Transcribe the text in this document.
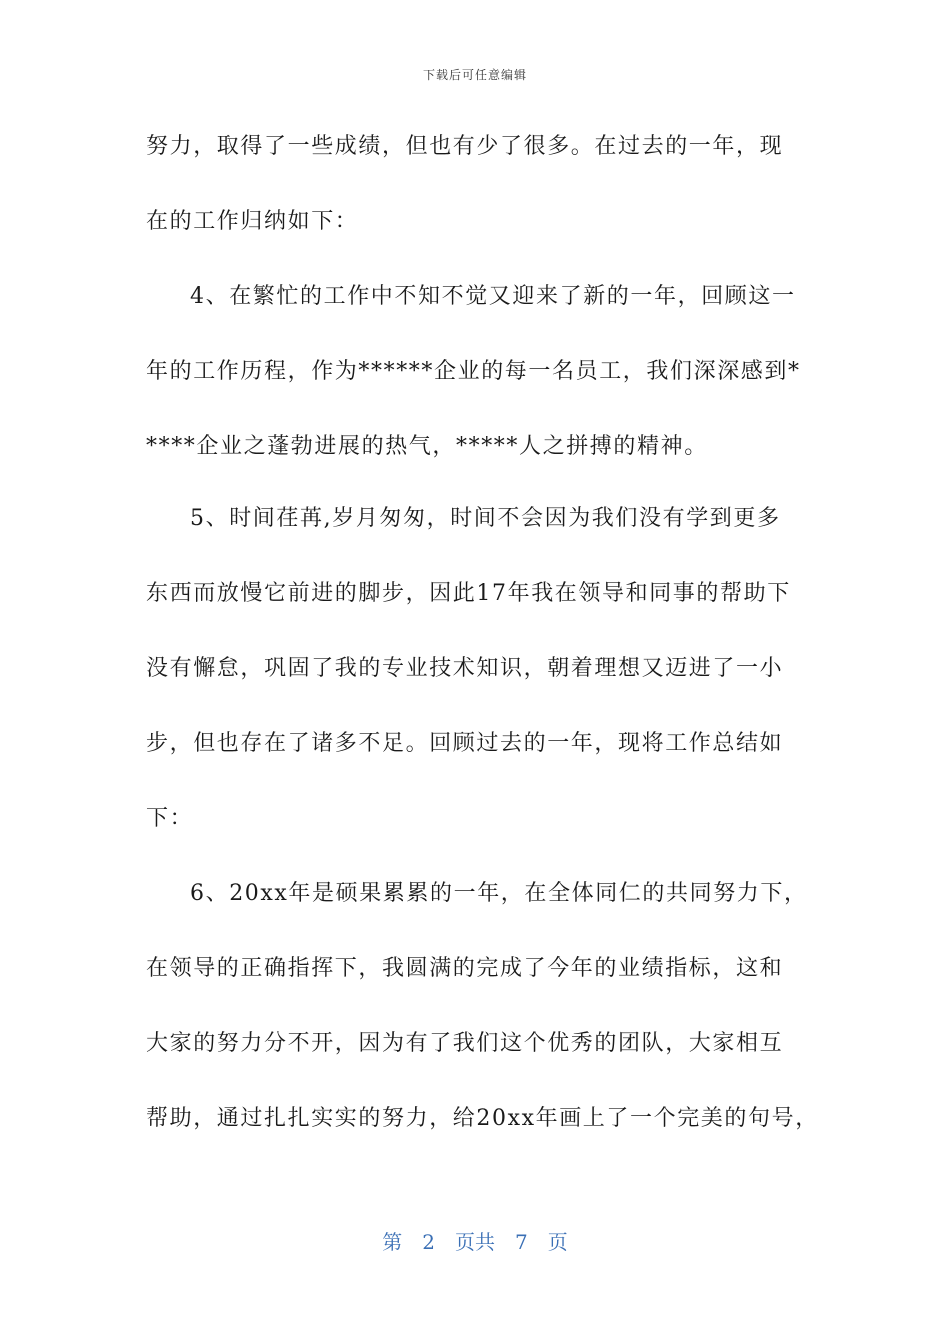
下载后可任意编辑
努力，取得了一些成绩，但也有少了很多。在过去的一年，现
在的工作归纳如下：
4、在繁忙的工作中不知不觉又迎来了新的一年，回顾这一
年的工作历程，作为******企业的每一名员工，我们深深感到*
****企业之蓬勃进展的热气，*****人之拼搏的精神。
5、时间荏苒,岁月匆匆，时间不会因为我们没有学到更多
东西而放慢它前进的脚步，因此17年我在领导和同事的帮助下
没有懈怠，巩固了我的专业技术知识，朝着理想又迈进了一小
步，但也存在了诸多不足。回顾过去的一年，现将工作总结如
下：
6、20xx年是硕果累累的一年，在全体同仁的共同努力下，
在领导的正确指挥下，我圆满的完成了今年的业绩指标，这和
大家的努力分不开，因为有了我们这个优秀的团队，大家相互
帮助，通过扎扎实实的努力，给20xx年画上了一个完美的句号，
第 2 页共 7 页
